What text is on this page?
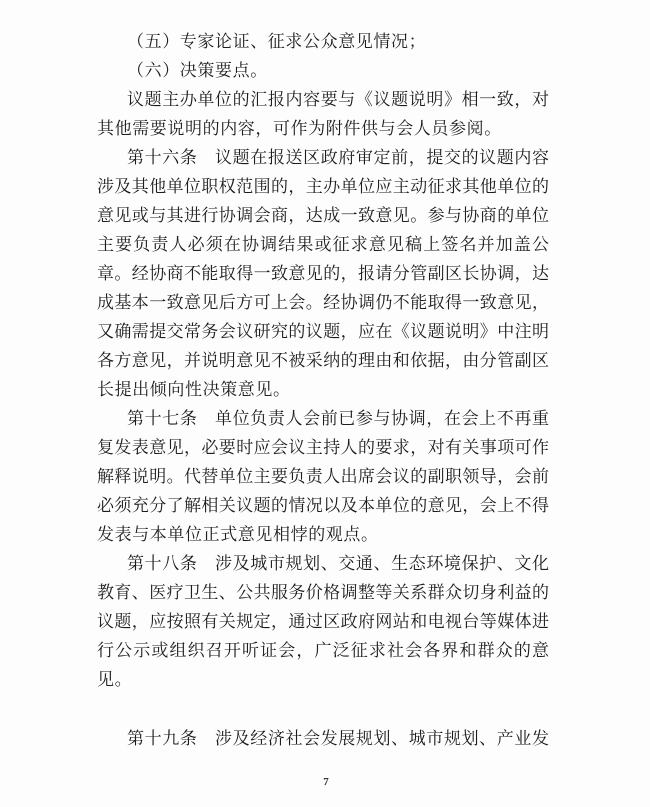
（五）专家论证、征求公众意见情况；
（六）决策要点。
议题主办单位的汇报内容要与《议题说明》相一致，对
其他需要说明的内容，可作为附件供与会人员参阅。
第十六条　议题在报送区政府审定前，提交的议题内容
涉及其他单位职权范围的，主办单位应主动征求其他单位的
意见或与其进行协调会商，达成一致意见。参与协商的单位
主要负责人必须在协调结果或征求意见稿上签名并加盖公
章。经协商不能取得一致意见的，报请分管副区长协调，达
成基本一致意见后方可上会。经协调仍不能取得一致意见，
又确需提交常务会议研究的议题，应在《议题说明》中注明
各方意见，并说明意见不被采纳的理由和依据，由分管副区
长提出倾向性决策意见。
第十七条　单位负责人会前已参与协调，在会上不再重
复发表意见，必要时应会议主持人的要求，对有关事项可作
解释说明。代替单位主要负责人出席会议的副职领导，会前
必须充分了解相关议题的情况以及本单位的意见，会上不得
发表与本单位正式意见相悖的观点。
第十八条　涉及城市规划、交通、生态环境保护、文化
教育、医疗卫生、公共服务价格调整等关系群众切身利益的
议题，应按照有关规定，通过区政府网站和电视台等媒体进
行公示或组织召开听证会，广泛征求社会各界和群众的意
见。
第十九条　涉及经济社会发展规划、城市规划、产业发
7
